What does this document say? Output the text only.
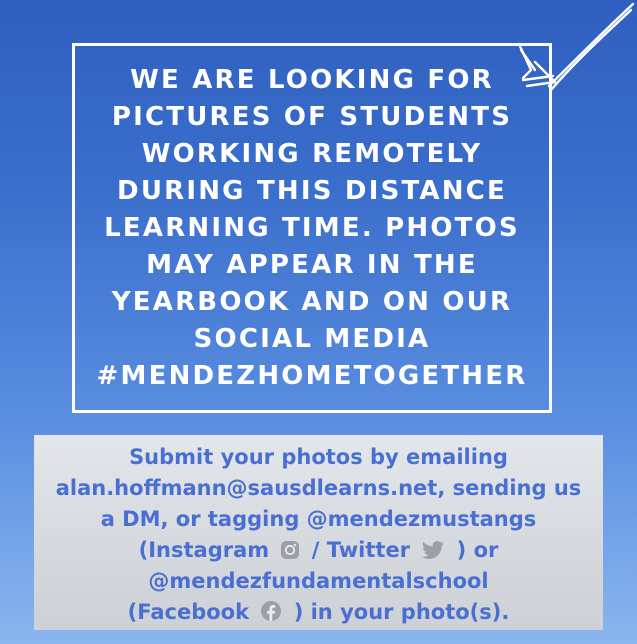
WE ARE LOOKING FOR
PICTURES OF STUDENTS
WORKING REMOTELY
DURING THIS DISTANCE
LEARNING TIME. PHOTOS
MAY APPEAR IN THE
YEARBOOK AND ON OUR
SOCIAL MEDIA
#MENDEZHOMETOGETHER

Submit your photos by emailing
alan.hoffmann@sausdlearns.net, sending us
a DM, or tagging @mendezmustangs
(Instagram / Twitter ) or
@mendezfundamentalschool
(Facebook ) in your photo(s).
